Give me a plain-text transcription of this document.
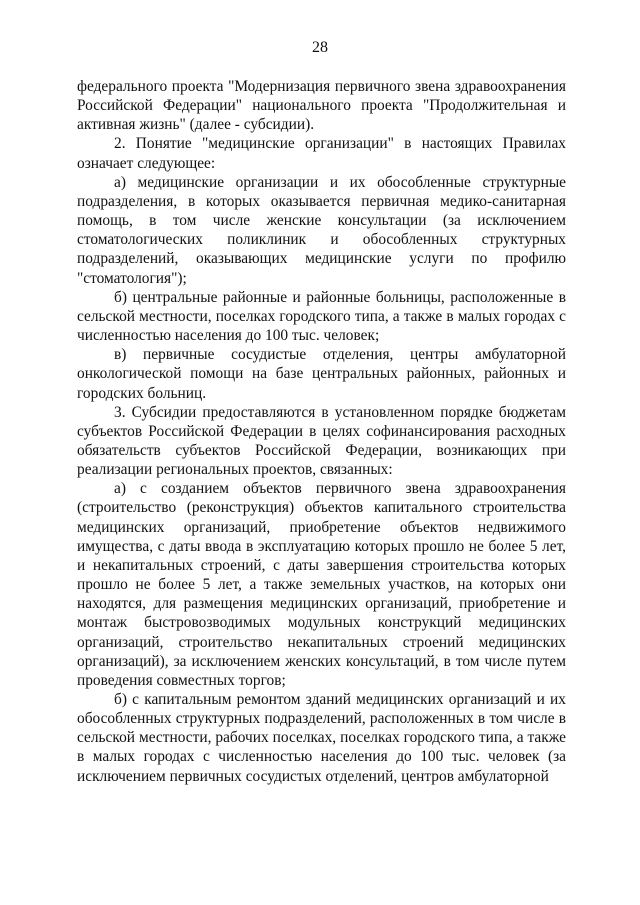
28

федерального проекта "Модернизация первичного звена здравоохранения Российской Федерации" национального проекта "Продолжительная и активная жизнь" (далее - субсидии).

2. Понятие "медицинские организации" в настоящих Правилах означает следующее:

а) медицинские организации и их обособленные структурные подразделения, в которых оказывается первичная медико-санитарная помощь, в том числе женские консультации (за исключением стоматологических поликлиник и обособленных структурных подразделений, оказывающих медицинские услуги по профилю "стоматология");

б) центральные районные и районные больницы, расположенные в сельской местности, поселках городского типа, а также в малых городах с численностью населения до 100 тыс. человек;

в) первичные сосудистые отделения, центры амбулаторной онкологической помощи на базе центральных районных, районных и городских больниц.

3. Субсидии предоставляются в установленном порядке бюджетам субъектов Российской Федерации в целях софинансирования расходных обязательств субъектов Российской Федерации, возникающих при реализации региональных проектов, связанных:

а) с созданием объектов первичного звена здравоохранения (строительство (реконструкция) объектов капитального строительства медицинских организаций, приобретение объектов недвижимого имущества, с даты ввода в эксплуатацию которых прошло не более 5 лет, и некапитальных строений, с даты завершения строительства которых прошло не более 5 лет, а также земельных участков, на которых они находятся, для размещения медицинских организаций, приобретение и монтаж быстровозводимых модульных конструкций медицинских организаций, строительство некапитальных строений медицинских организаций), за исключением женских консультаций, в том числе путем проведения совместных торгов;

б) с капитальным ремонтом зданий медицинских организаций и их обособленных структурных подразделений, расположенных в том числе в сельской местности, рабочих поселках, поселках городского типа, а также в малых городах с численностью населения до 100 тыс. человек (за исключением первичных сосудистых отделений, центров амбулаторной
